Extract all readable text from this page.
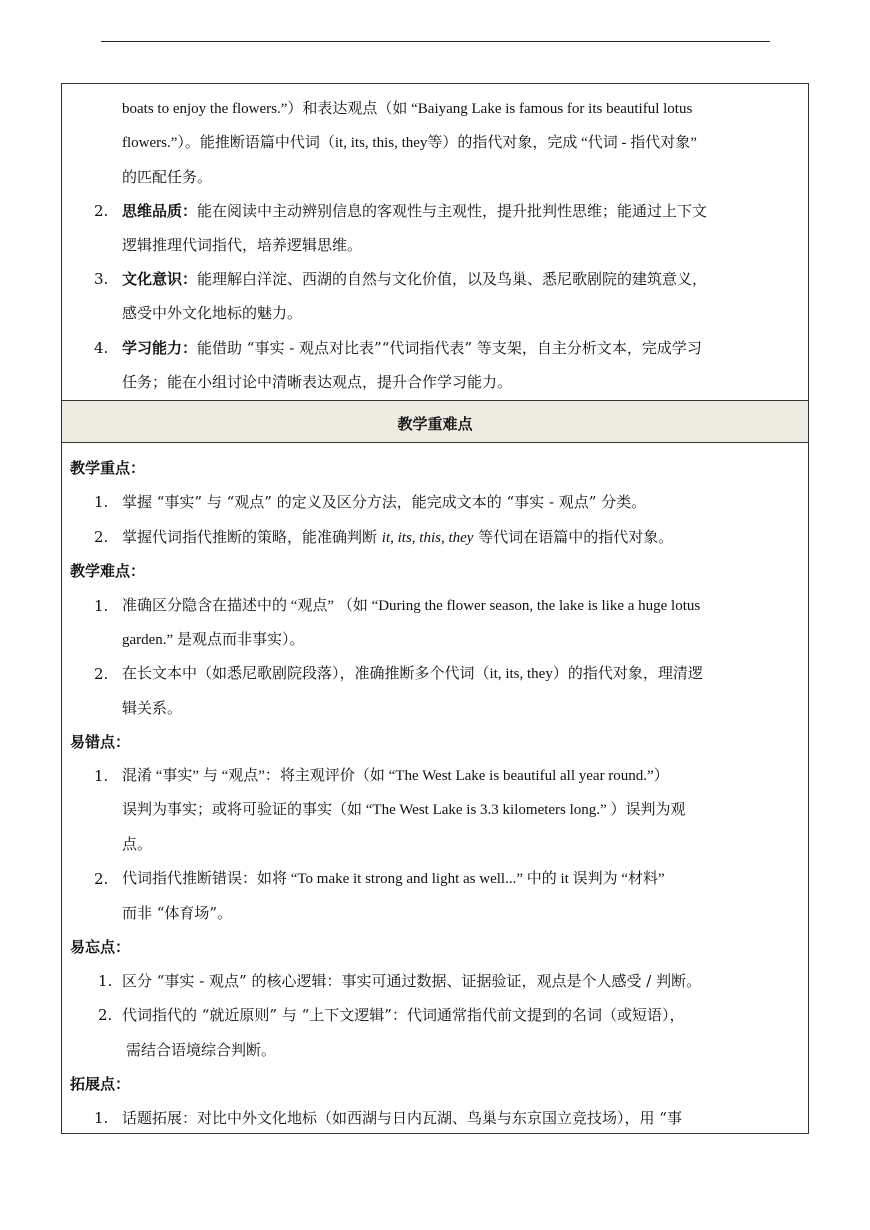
boats to enjoy the flowers.”）和表达观点（如 “Baiyang Lake is famous for its beautiful lotus
flowers.”）。能推断语篇中代词（it, its, this, they等）的指代对象，完成 “代词 - 指代对象”
的匹配任务。
2. 思维品质：能在阅读中主动辨别信息的客观性与主观性，提升批判性思维；能通过上下文
逻辑推理代词指代，培养逻辑思维。
3. 文化意识：能理解白洋淀、西湖的自然与文化价值，以及鸟巢、悉尼歌剧院的建筑意义，
感受中外文化地标的魅力。
4. 学习能力：能借助 “事实 - 观点对比表”“代词指代表” 等支架，自主分析文本，完成学习
任务；能在小组讨论中清晰表达观点，提升合作学习能力。
教学重难点
教学重点：
1. 掌握 “事实” 与 “观点” 的定义及区分方法，能完成文本的 “事实 - 观点” 分类。
2. 掌握代词指代推断的策略，能准确判断 it, its, this, they 等代词在语篇中的指代对象。
教学难点：
1. 准确区分隐含在描述中的 “观点” （如 “During the flower season, the lake is like a huge lotus
garden.” 是观点而非事实）。
2. 在长文本中（如悉尼歌剧院段落），准确推断多个代词（it, its, they）的指代对象，理清逻
辑关系。
易错点：
1. 混淆 “事实” 与 “观点”：将主观评价（如 “The West Lake is beautiful all year round.”）
误判为事实；或将可验证的事实（如 “The West Lake is 3.3 kilometers long.” ）误判为观
点。
2. 代词指代推断错误：如将 “To make it strong and light as well...” 中的 it 误判为 “材料”
而非 “体育场”。
易忘点：
1. 区分 “事实 - 观点” 的核心逻辑：事实可通过数据、证据验证，观点是个人感受 / 判断。
2. 代词指代的 “就近原则” 与 “上下文逻辑”：代词通常指代前文提到的名词（或短语），
需结合语境综合判断。
拓展点：
1. 话题拓展：对比中外文化地标（如西湖与日内瓦湖、鸟巢与东京国立竞技场），用 “事
